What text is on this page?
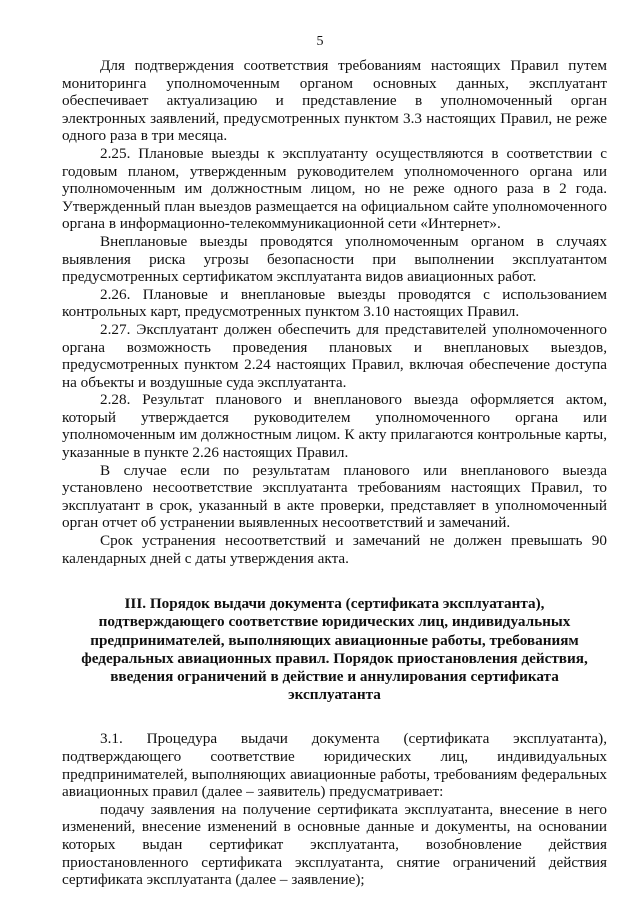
5

Для подтверждения соответствия требованиям настоящих Правил путем мониторинга уполномоченным органом основных данных, эксплуатант обеспечивает актуализацию и представление в уполномоченный орган электронных заявлений, предусмотренных пунктом 3.3 настоящих Правил, не реже одного раза в три месяца.

2.25. Плановые выезды к эксплуатанту осуществляются в соответствии с годовым планом, утвержденным руководителем уполномоченного органа или уполномоченным им должностным лицом, но не реже одного раза в 2 года. Утвержденный план выездов размещается на официальном сайте уполномоченного органа в информационно-телекоммуникационной сети «Интернет».

Внеплановые выезды проводятся уполномоченным органом в случаях выявления риска угрозы безопасности при выполнении эксплуатантом предусмотренных сертификатом эксплуатанта видов авиационных работ.

2.26. Плановые и внеплановые выезды проводятся с использованием контрольных карт, предусмотренных пунктом 3.10 настоящих Правил.

2.27. Эксплуатант должен обеспечить для представителей уполномоченного органа возможность проведения плановых и внеплановых выездов, предусмотренных пунктом 2.24 настоящих Правил, включая обеспечение доступа на объекты и воздушные суда эксплуатанта.

2.28. Результат планового и внепланового выезда оформляется актом, который утверждается руководителем уполномоченного органа или уполномоченным им должностным лицом. К акту прилагаются контрольные карты, указанные в пункте 2.26 настоящих Правил.

В случае если по результатам планового или внепланового выезда установлено несоответствие эксплуатанта требованиям настоящих Правил, то эксплуатант в срок, указанный в акте проверки, представляет в уполномоченный орган отчет об устранении выявленных несоответствий и замечаний.

Срок устранения несоответствий и замечаний не должен превышать 90 календарных дней с даты утверждения акта.

III. Порядок выдачи документа (сертификата эксплуатанта), подтверждающего соответствие юридических лиц, индивидуальных предпринимателей, выполняющих авиационные работы, требованиям федеральных авиационных правил. Порядок приостановления действия, введения ограничений в действие и аннулирования сертификата эксплуатанта

3.1. Процедура выдачи документа (сертификата эксплуатанта), подтверждающего соответствие юридических лиц, индивидуальных предпринимателей, выполняющих авиационные работы, требованиям федеральных авиационных правил (далее – заявитель) предусматривает:

подачу заявления на получение сертификата эксплуатанта, внесение в него изменений, внесение изменений в основные данные и документы, на основании которых выдан сертификат эксплуатанта, возобновление действия приостановленного сертификата эксплуатанта, снятие ограничений действия сертификата эксплуатанта (далее – заявление);
